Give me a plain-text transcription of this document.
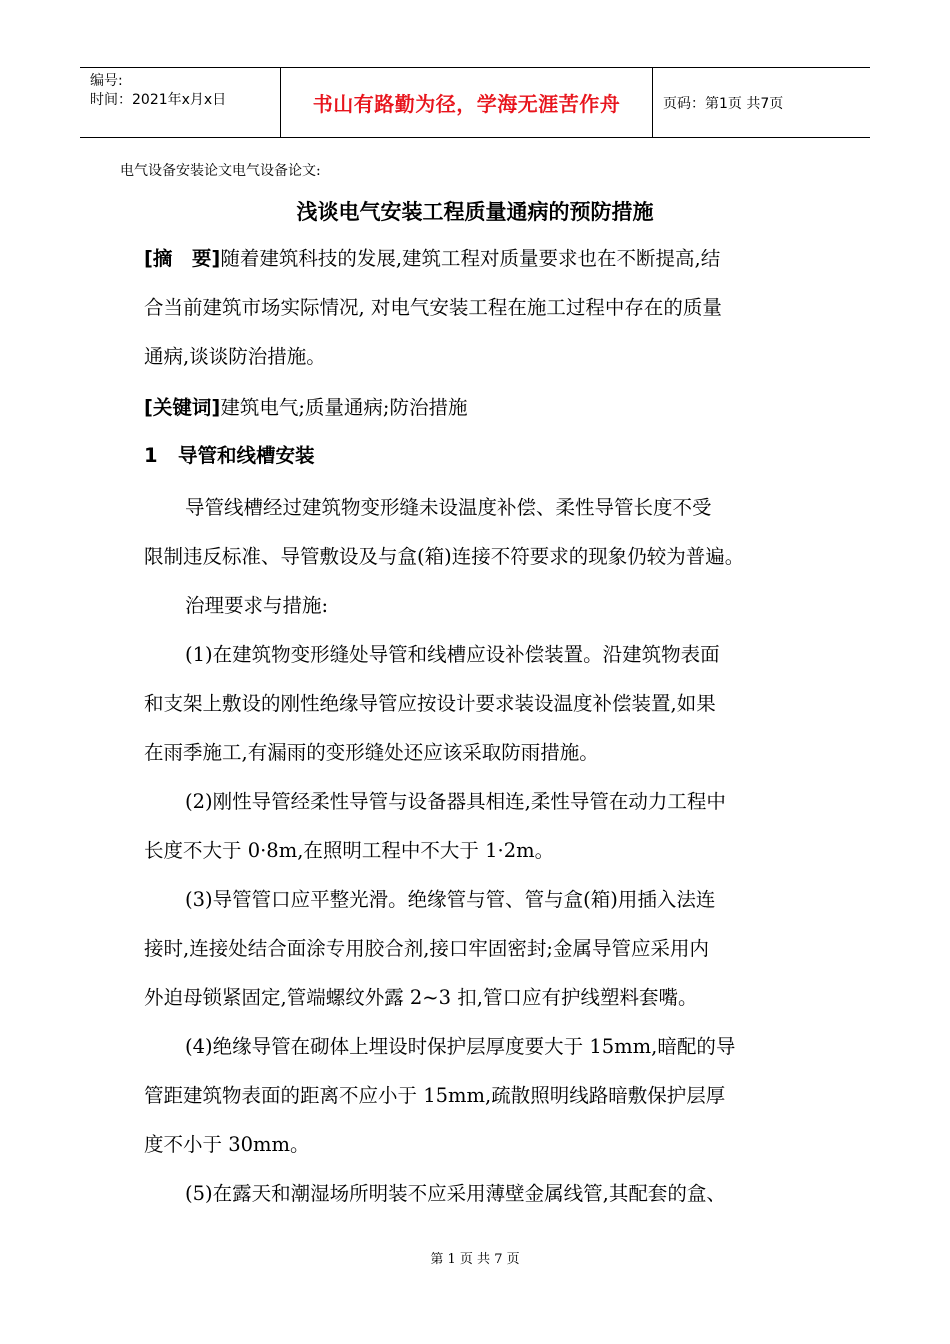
编号:
时间：2021年x月x日	书山有路勤为径，学海无涯苦作舟	页码：第1页 共7页
电气设备安装论文电气设备论文:
浅谈电气安装工程质量通病的预防措施
[摘　要]随着建筑科技的发展,建筑工程对质量要求也在不断提高,结
合当前建筑市场实际情况, 对电气安装工程在施工过程中存在的质量
通病,谈谈防治措施。
[关键词]建筑电气;质量通病;防治措施
1 导管和线槽安装
导管线槽经过建筑物变形缝未设温度补偿、柔性导管长度不受
限制违反标准、导管敷设及与盒(箱)连接不符要求的现象仍较为普遍。
治理要求与措施:
(1)在建筑物变形缝处导管和线槽应设补偿装置。沿建筑物表面
和支架上敷设的刚性绝缘导管应按设计要求装设温度补偿装置,如果
在雨季施工,有漏雨的变形缝处还应该采取防雨措施。
(2)刚性导管经柔性导管与设备器具相连,柔性导管在动力工程中
长度不大于 0·8m,在照明工程中不大于 1·2m。
(3)导管管口应平整光滑。绝缘管与管、管与盒(箱)用插入法连
接时,连接处结合面涂专用胶合剂,接口牢固密封;金属导管应采用内
外迫母锁紧固定,管端螺纹外露 2~3 扣,管口应有护线塑料套嘴。
(4)绝缘导管在砌体上埋设时保护层厚度要大于 15mm,暗配的导
管距建筑物表面的距离不应小于 15mm,疏散照明线路暗敷保护层厚
度不小于 30mm。
(5)在露天和潮湿场所明装不应采用薄壁金属线管,其配套的盒、
第 1 页 共 7 页
